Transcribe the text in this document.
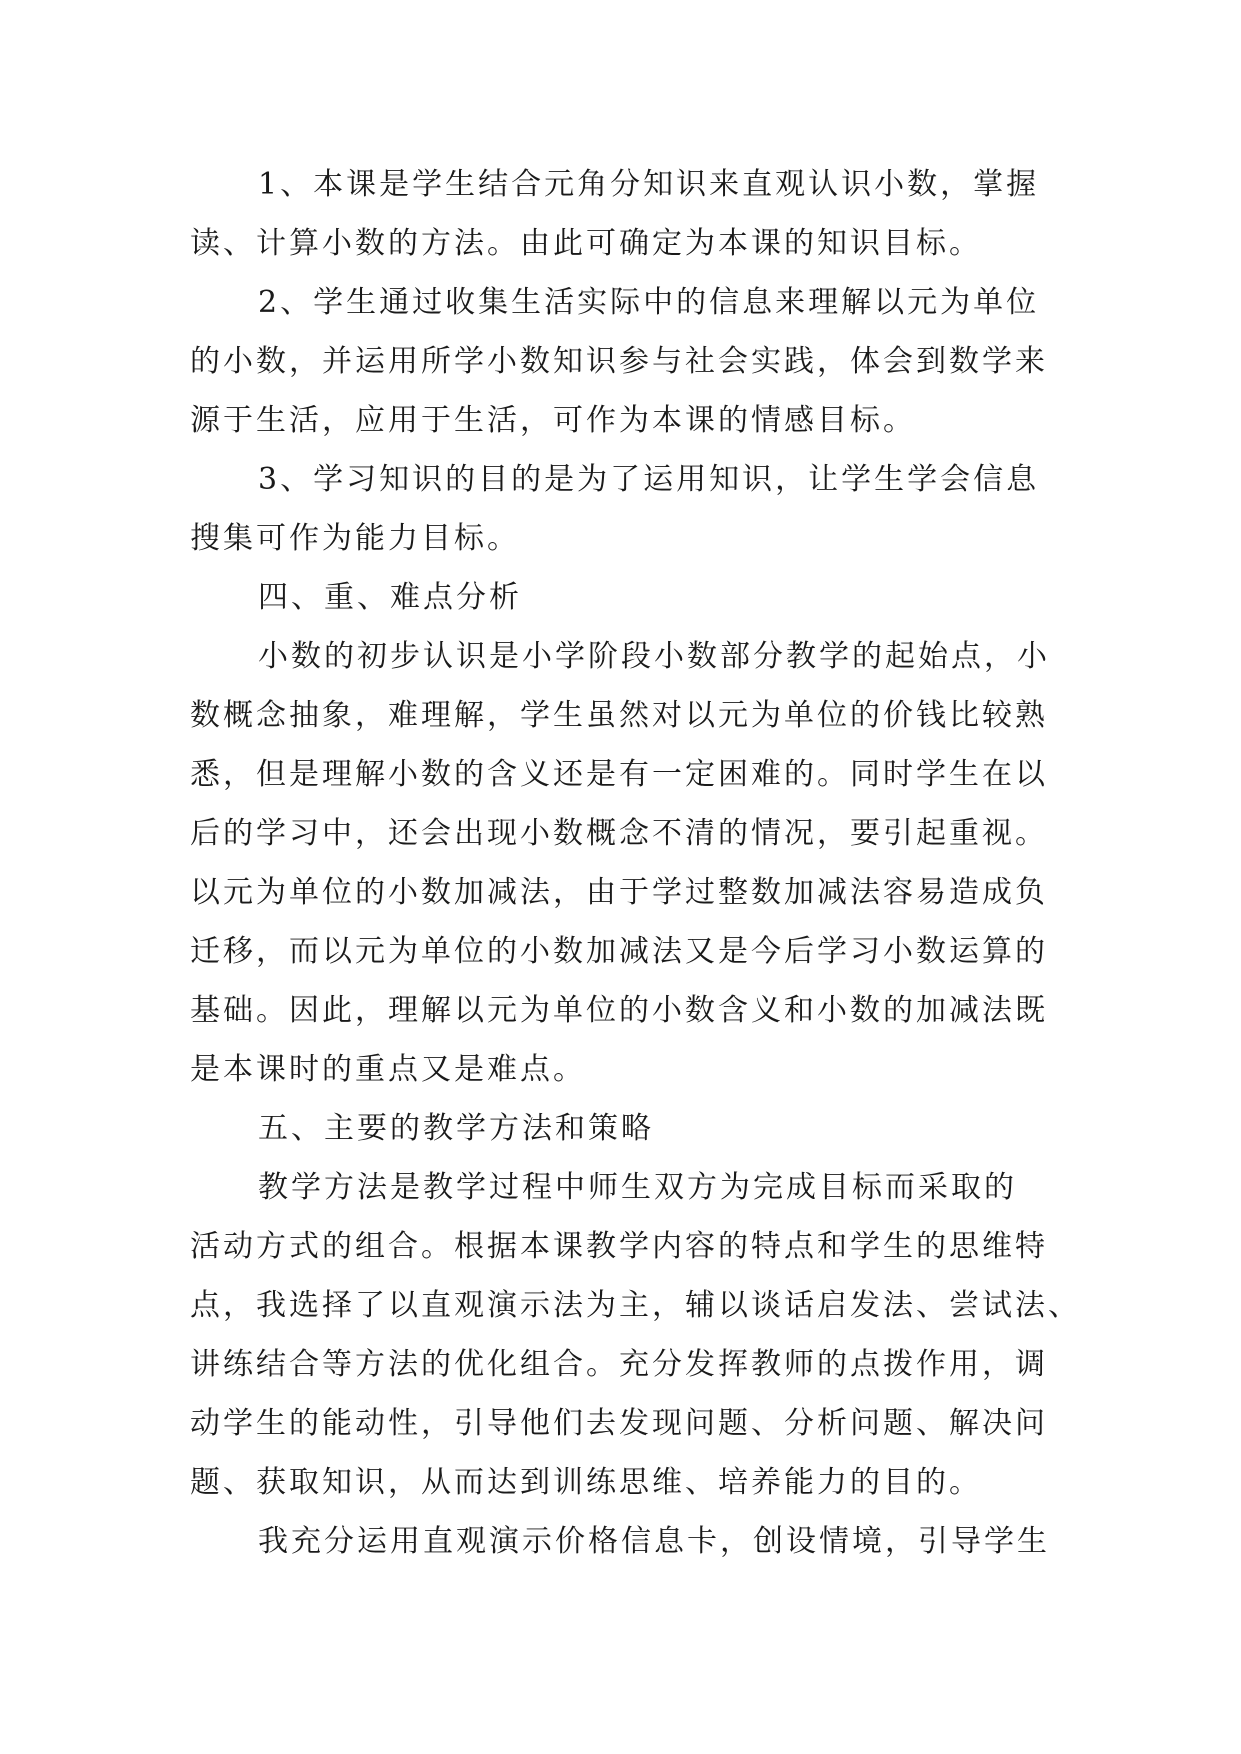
1、本课是学生结合元角分知识来直观认识小数，掌握
读、计算小数的方法。由此可确定为本课的知识目标。
2、学生通过收集生活实际中的信息来理解以元为单位
的小数，并运用所学小数知识参与社会实践，体会到数学来
源于生活，应用于生活，可作为本课的情感目标。
3、学习知识的目的是为了运用知识，让学生学会信息
搜集可作为能力目标。
四、重、难点分析
小数的初步认识是小学阶段小数部分教学的起始点，小
数概念抽象，难理解，学生虽然对以元为单位的价钱比较熟
悉，但是理解小数的含义还是有一定困难的。同时学生在以
后的学习中，还会出现小数概念不清的情况，要引起重视。
以元为单位的小数加减法，由于学过整数加减法容易造成负
迁移，而以元为单位的小数加减法又是今后学习小数运算的
基础。因此，理解以元为单位的小数含义和小数的加减法既
是本课时的重点又是难点。
五、主要的教学方法和策略
教学方法是教学过程中师生双方为完成目标而采取的
活动方式的组合。根据本课教学内容的特点和学生的思维特
点，我选择了以直观演示法为主，辅以谈话启发法、尝试法、
讲练结合等方法的优化组合。充分发挥教师的点拨作用，调
动学生的能动性，引导他们去发现问题、分析问题、解决问
题、获取知识，从而达到训练思维、培养能力的目的。
我充分运用直观演示价格信息卡，创设情境，引导学生
